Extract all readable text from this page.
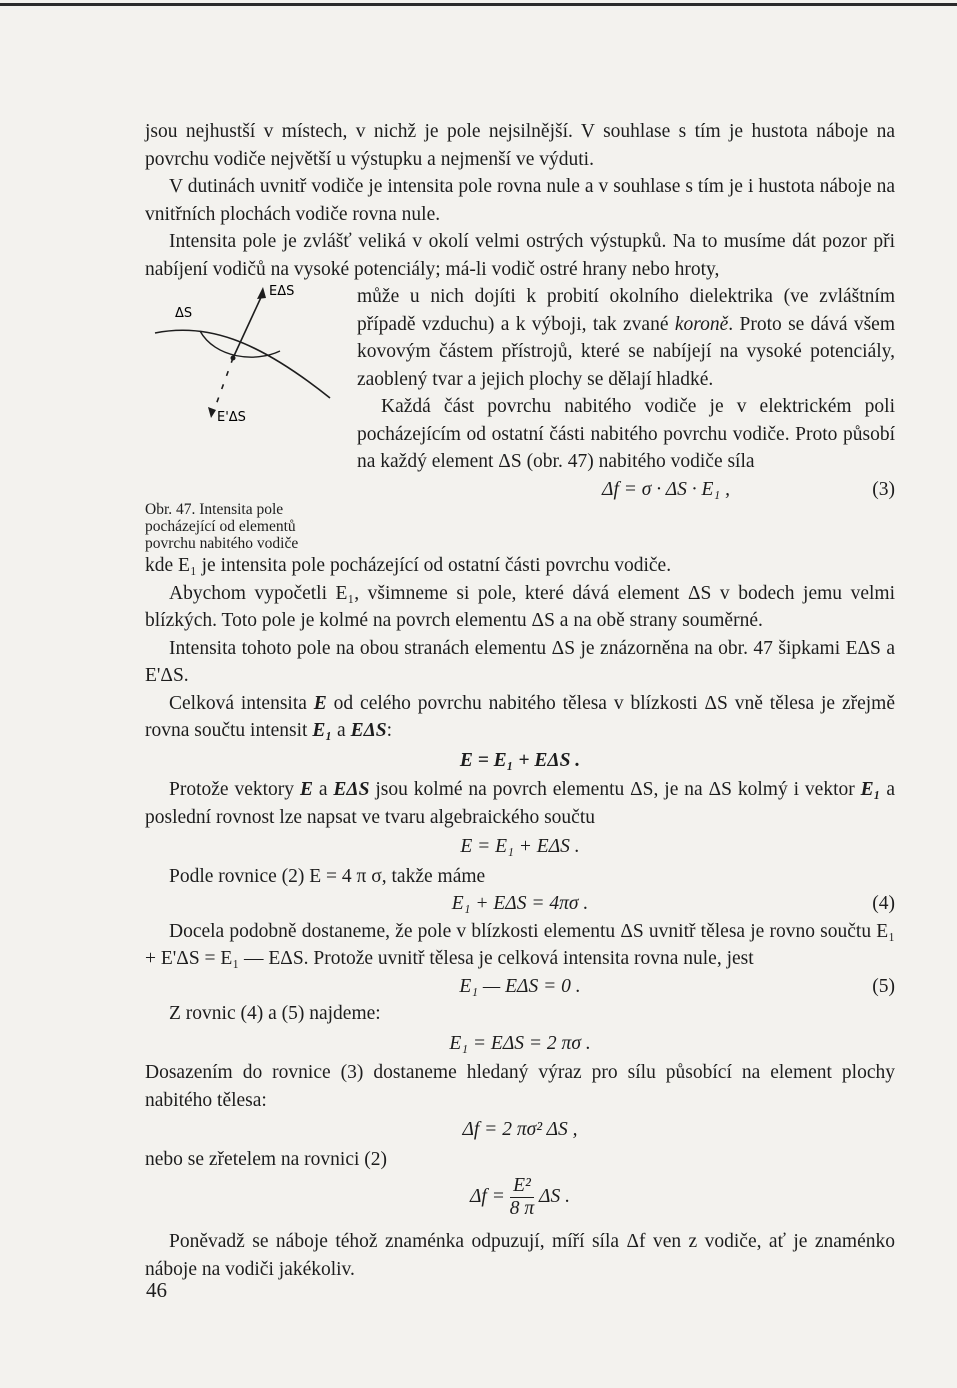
jsou nejhustší v místech, v nichž je pole nejsilnější. V souhlase s tím je hustota náboje na povrchu vodiče největší u výstupku a nejmenší ve výduti.

V dutinách uvnitř vodiče je intensita pole rovna nule a v souhlase s tím je i hustota náboje na vnitřních plochách vodiče rovna nule.

Intensita pole je zvlášť veliká v okolí velmi ostrých výstupků. Na to musíme dát pozor při nabíjení vodičů na vysoké potenciály; má-li vodič ostré hrany nebo hroty,

EΔS
ΔS
E'ΔS
Obr. 47. Intensita pole pocházející od elementů povrchu nabitého vodiče

může u nich dojíti k probití okolního dielektrika (ve zvláštním případě vzduchu) a k výboji, tak zvané koroně. Proto se dává všem kovovým částem přístrojů, které se nabíjejí na vysoké potenciály, zaoblený tvar a jejich plochy se dělají hladké.

Každá část povrchu nabitého vodiče je v elektrickém poli pocházejícím od ostatní části nabitého povrchu vodiče. Proto působí na každý element ΔS (obr. 47) nabitého vodiče síla

Δf = σ · ΔS · E₁ ,	(3)

kde E₁ je intensita pole pocházející od ostatní části povrchu vodiče.

Abychom vypočetli E₁, všimneme si pole, které dává element ΔS v bodech jemu velmi blízkých. Toto pole je kolmé na povrch elementu ΔS a na obě strany souměrné.

Intensita tohoto pole na obou stranách elementu ΔS je znázorněna na obr. 47 šipkami EΔS a E'ΔS.

Celková intensita E od celého povrchu nabitého tělesa v blízkosti ΔS vně tělesa je zřejmě rovna součtu intensit E₁ a EΔS:

E = E₁ + EΔS .

Protože vektory E a EΔS jsou kolmé na povrch elementu ΔS, je na ΔS kolmý i vektor E₁ a poslední rovnost lze napsat ve tvaru algebraického součtu

E = E₁ + EΔS .

Podle rovnice (2) E = 4 π σ, takže máme

E₁ + EΔS = 4πσ .	(4)

Docela podobně dostaneme, že pole v blízkosti elementu ΔS uvnitř tělesa je rovno součtu E₁ + E'ΔS = E₁ — EΔS. Protože uvnitř tělesa je celková intensita rovna nule, jest

E₁ — EΔS = 0 .	(5)

Z rovnic (4) a (5) najdeme:

E₁ = EΔS = 2 πσ .

Dosazením do rovnice (3) dostaneme hledaný výraz pro sílu působící na element plochy nabitého tělesa:

Δf = 2 πσ² ΔS ,

nebo se zřetelem na rovnici (2)

$\Delta f = \frac{\text{E²}}{8 \pi}$ ΔS .

Poněvadž se náboje téhož znaménka odpuzují, míří síla Δf ven z vodiče, ať je znaménko náboje na vodiči jakékoliv.

46
